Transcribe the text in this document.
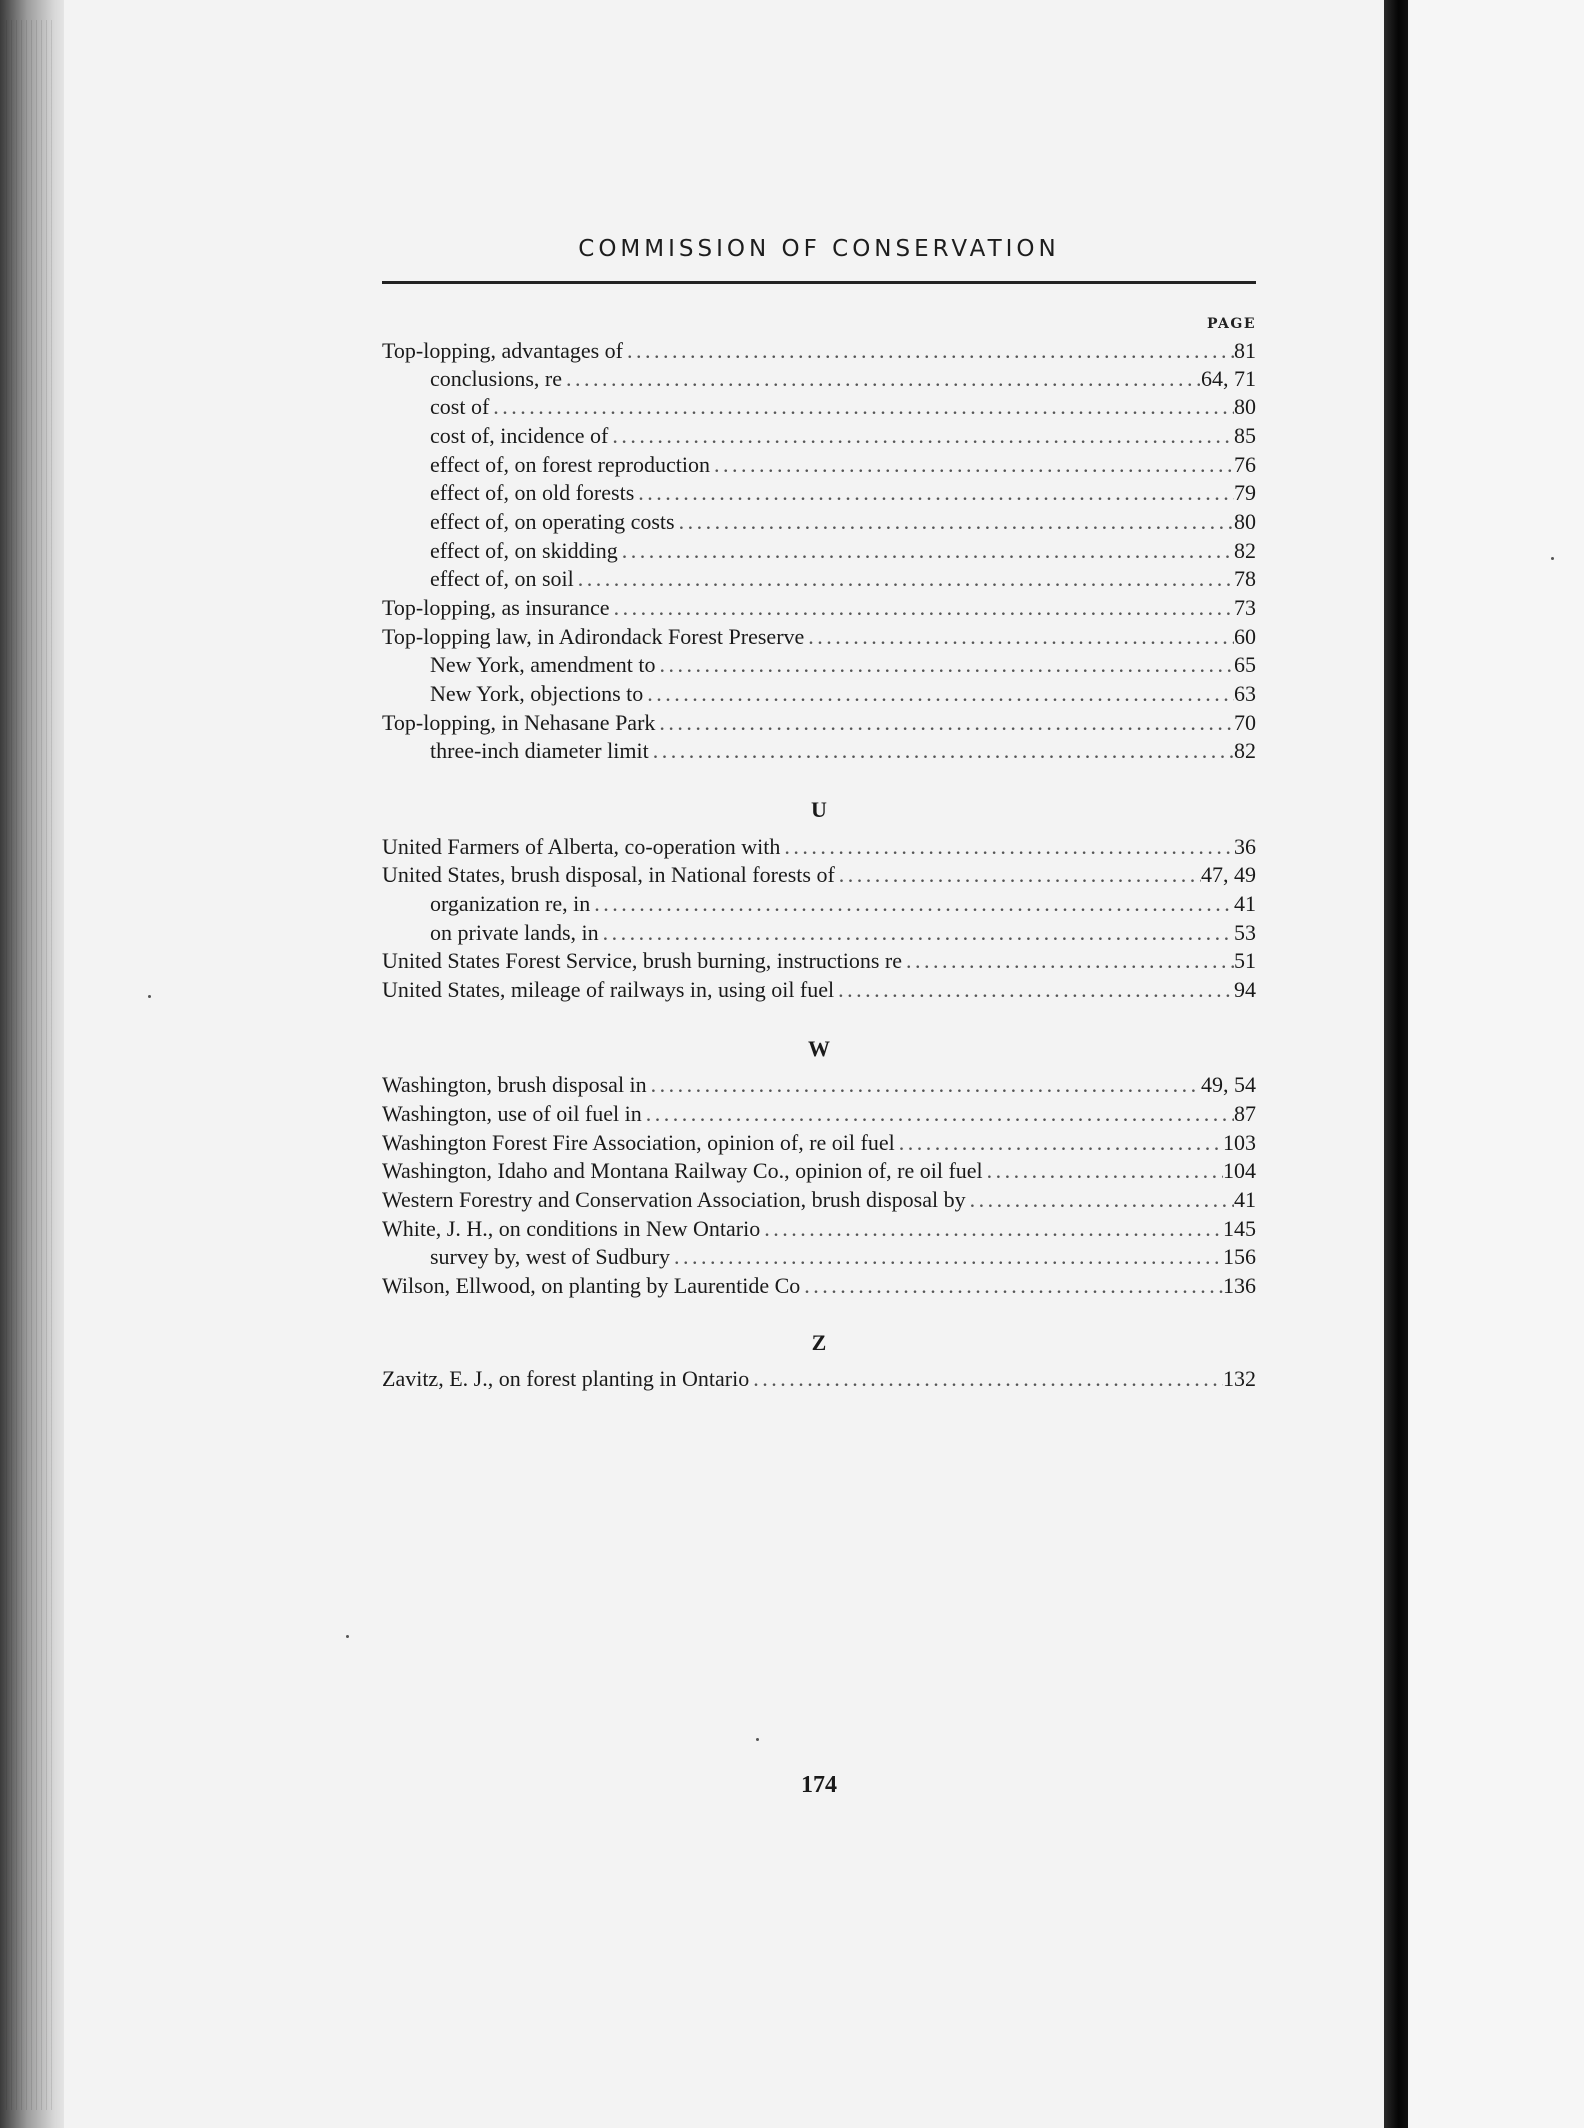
COMMISSION OF CONSERVATION
PAGE
Top-lopping, advantages of . . .	81
conclusions, re . . .	64, 71
cost of . . .	80
cost of, incidence of . . .	85
effect of, on forest reproduction . . .	76
effect of, on old forests . . .	79
effect of, on operating costs . . .	80
effect of, on skidding . . .	82
effect of, on soil . . .	78
Top-lopping, as insurance . . .	73
Top-lopping law, in Adirondack Forest Preserve . . .	60
New York, amendment to . . .	65
New York, objections to . . .	63
Top-lopping, in Nehasane Park . . .	70
three-inch diameter limit . . .	82
U
United Farmers of Alberta, co-operation with . . .	36
United States, brush disposal, in National forests of . . .	47, 49
organization re, in . . .	41
on private lands, in . . .	53
United States Forest Service, brush burning, instructions re . . .	51
United States, mileage of railways in, using oil fuel . . .	94
W
Washington, brush disposal in . . .	49, 54
Washington, use of oil fuel in . . .	87
Washington Forest Fire Association, opinion of, re oil fuel . . .	103
Washington, Idaho and Montana Railway Co., opinion of, re oil fuel . . .	104
Western Forestry and Conservation Association, brush disposal by . . .	41
White, J. H., on conditions in New Ontario . . .	145
survey by, west of Sudbury . . .	156
Wilson, Ellwood, on planting by Laurentide Co . . .	136
Z
Zavitz, E. J., on forest planting in Ontario . . .	132
174
